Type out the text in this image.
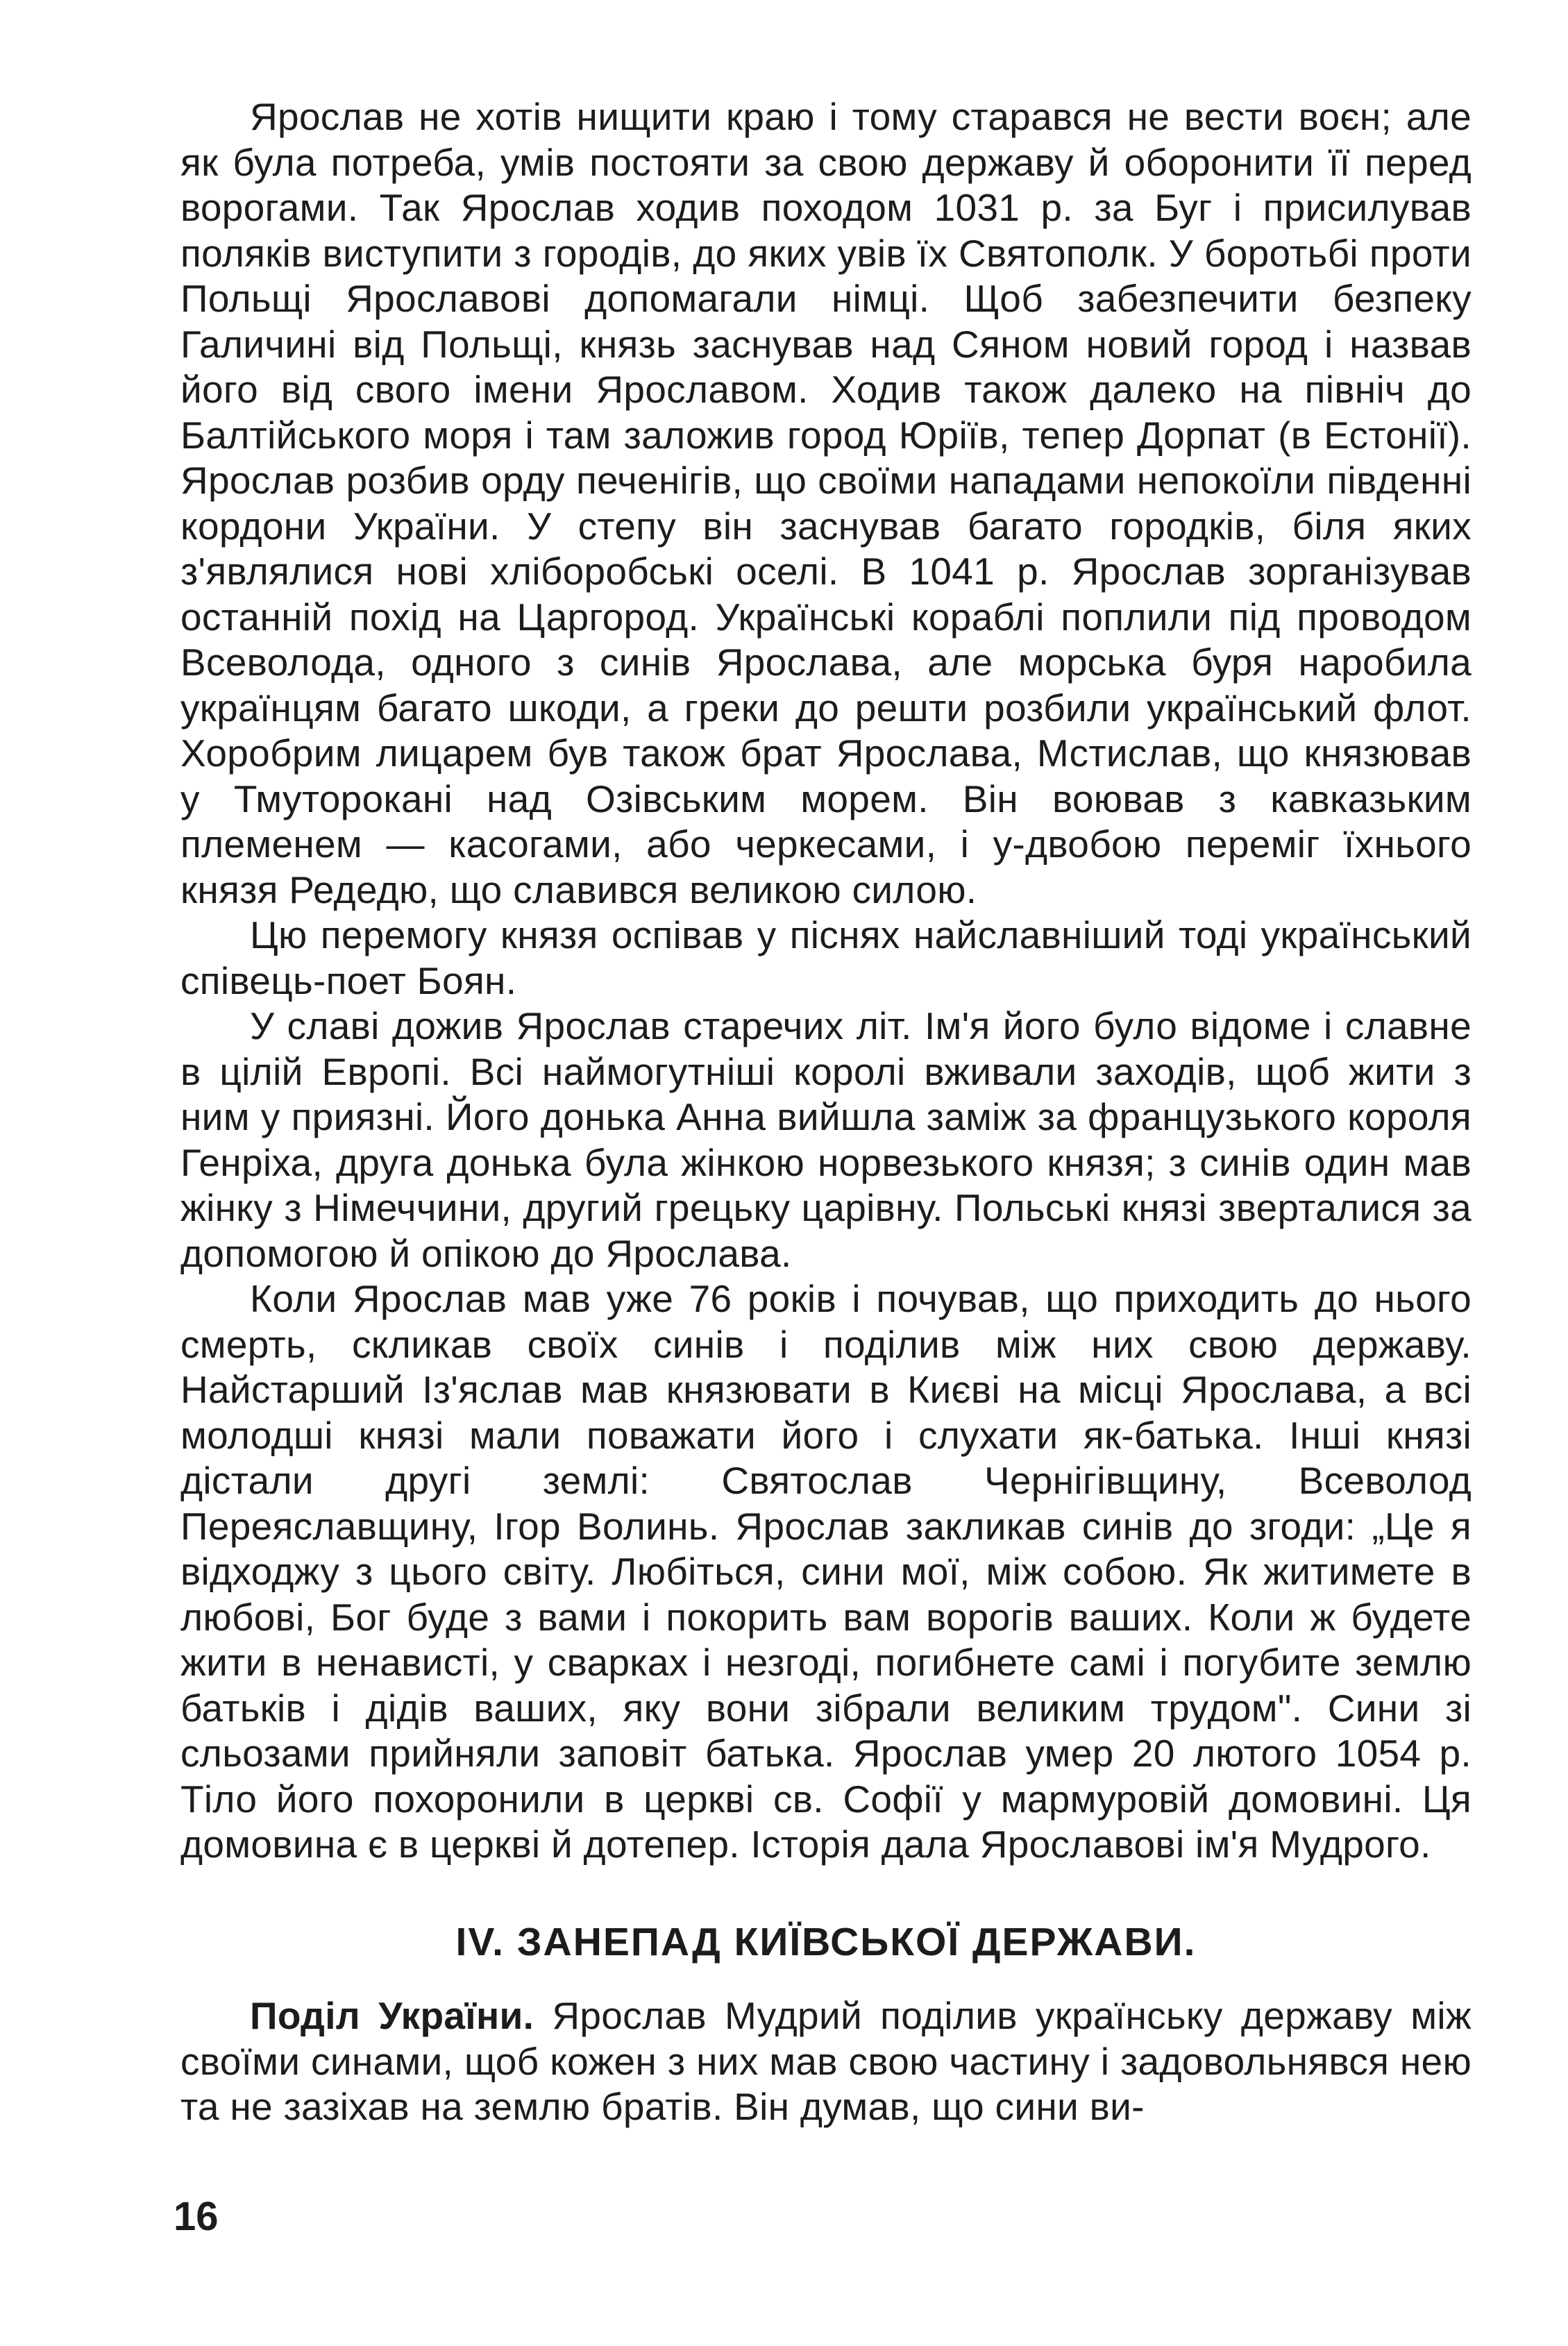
Ярослав не хотів нищити краю і тому старався не вести воєн; але як була потреба, умів постояти за свою державу й оборонити її перед ворогами. Так Ярослав ходив походом 1031 р. за Буг і присилував поляків виступити з городів, до яких увів їх Святополк. У боротьбі проти Польщі Ярославові допомагали німці. Щоб забезпечити безпеку Галичині від Польщі, князь заснував над Сяном новий город і назвав його від свого імени Ярославом. Ходив також далеко на північ до Балтійського моря і там заложив город Юріїв, тепер Дорпат (в Естонії). Ярослав розбив орду печенігів, що своїми нападами непокоїли південні кордони України. У степу він заснував багато городків, біля яких з'являлися нові хліборобські оселі. В 1041 р. Ярослав зорганізував останній похід на Царгород. Українські кораблі поплили під проводом Всеволода, одного з синів Ярослава, але морська буря наробила українцям багато шкоди, а греки до решти розбили український флот. Хоробрим лицарем був також брат Ярослава, Мстислав, що князював у Тмуторокані над Озівським морем. Він воював з кавказьким племенем — касогами, або черкесами, і у-двобою переміг їхнього князя Редедю, що славився великою силою.

Цю перемогу князя оспівав у піснях найславніший тоді український співець-поет Боян.

У славі дожив Ярослав старечих літ. Ім'я його було відоме і славне в цілій Европі. Всі наймогутніші королі вживали заходів, щоб жити з ним у приязні. Його донька Анна вийшла заміж за французького короля Генріха, друга донька була жінкою норвезького князя; з синів один мав жінку з Німеччини, другий грецьку царівну. Польські князі зверталися за допомогою й опікою до Ярослава.

Коли Ярослав мав уже 76 років і почував, що приходить до нього смерть, скликав своїх синів і поділив між них свою державу. Найстарший Із'яслав мав князювати в Києві на місці Ярослава, а всі молодші князі мали поважати його і слухати як-батька. Інші князі дістали другі землі: Святослав Чернігівщину, Всеволод Переяславщину, Ігор Волинь. Ярослав закликав синів до згоди: „Це я відходжу з цього світу. Любіться, сини мої, між собою. Як житимете в любові, Бог буде з вами і покорить вам ворогів ваших. Коли ж будете жити в ненависті, у сварках і незгоді, погибнете самі і погубите землю батьків і дідів ваших, яку вони зібрали великим трудом". Сини зі сльозами прийняли заповіт батька. Ярослав умер 20 лютого 1054 р. Тіло його похоронили в церкві св. Софії у мармуровій домовині. Ця домовина є в церкві й дотепер. Історія дала Ярославові ім'я Мудрого.

IV. ЗАНЕПАД КИЇВСЬКОЇ ДЕРЖАВИ.

Поділ України. Ярослав Мудрий поділив українську державу між своїми синами, щоб кожен з них мав свою частину і задовольнявся нею та не зазіхав на землю братів. Він думав, що сини ви-

16
